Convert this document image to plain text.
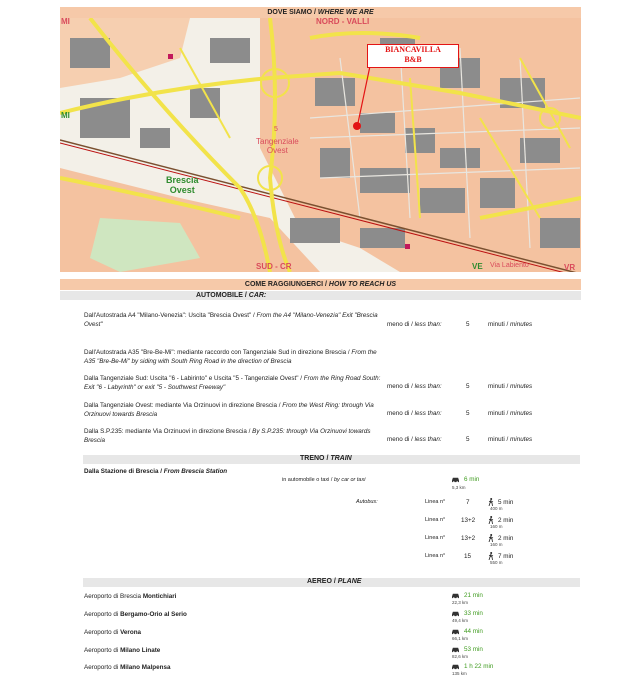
DOVE SIAMO / WHERE WE ARE
BIANCAVILLA
B&B
NORD - VALLI
SUD - CR
MI
MI
VE	VR
Via Labiento
5
Tangenziale
Ovest
Brescia
Ovest
COME RAGGIUNGERCI / HOW TO REACH US
AUTOMOBILE / CAR:
Dall'Autostrada A4 "Milano-Venezia": Uscita "Brescia Ovest" / From the A4 "Milano-Venezia" Exit "Brescia Ovest"	meno di / less than:	5	minuti / minutes
Dall'Autostrada A35 "Bre-Be-Mi": mediante raccordo con Tangenziale Sud in direzione Brescia / From the A35 "Bre-Be-Mi" by siding with South Ring Road in the direction of Brescia
Dalla Tangenziale Sud: Uscita "6 - Labirinto" e Uscita "5 - Tangenziale Ovest" / From the Ring Road South: Exit "6 - Labyrinth" or exit "5 - Southwest Freeway"	meno di / less than:	5	minuti / minutes
Dalla Tangenziale Ovest: mediante Via Orzinuovi in direzione Brescia / From the West Ring: through Via Orzinuovi towards Brescia	meno di / less than:	5	minuti / minutes
Dalla S.P.235: mediante Via Orzinuovi in direzione Brescia / By S.P.235: through Via Orzinuovi towards Brescia	meno di / less than:	5	minuti / minutes
TRENO / TRAIN
Dalla Stazione di Brescia / From Brescia Station
in automobile o taxi / by car or taxi	6 min
5,3 km
Autobus:	Linea n°	7	5 min
400 m
Linea n°	13+2	2 min
160 m
Linea n°	13+2	2 min
160 m
Linea n°	15	7 min
550 m
AEREO / PLANE
Aeroporto di Brescia Montichiari	21 min
22,3 km
Aeroporto di Bergamo-Orio al Serio	33 min
49,4 km
Aeroporto di Verona	44 min
66,1 km
Aeroporto di Milano Linate	53 min
82,6 km
Aeroporto di Milano Malpensa	1 h 22 min
135 km
